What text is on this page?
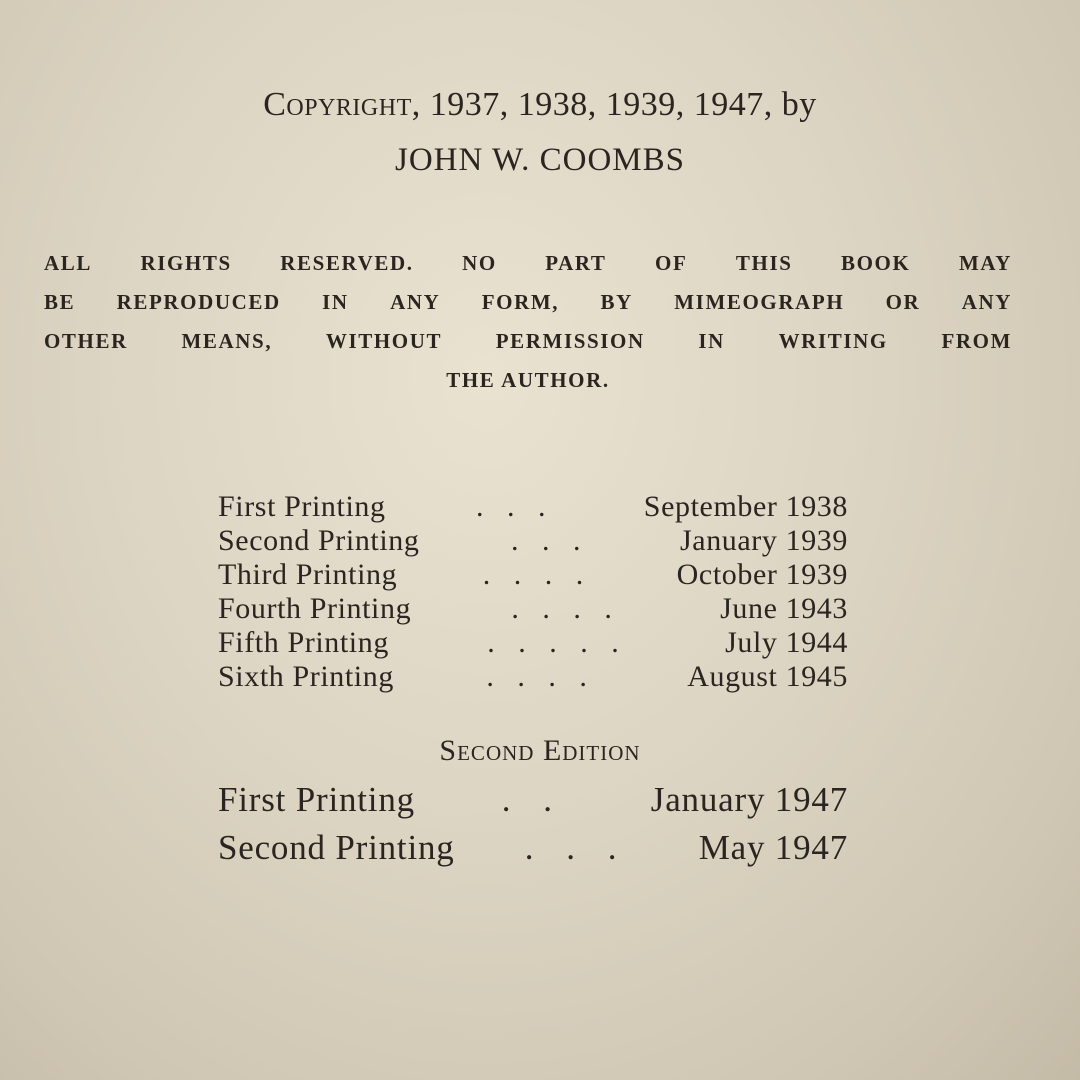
Copyright, 1937, 1938, 1939, 1947, by
JOHN W. COOMBS
ALL RIGHTS RESERVED. NO PART OF THIS BOOK MAY
BE REPRODUCED IN ANY FORM, BY MIMEOGRAPH OR ANY
OTHER	MEANS,	WITHOUT	PERMISSION	IN	WRITING	FROM
THE AUTHOR.
First Printing	. . .	September 1938
Second Printing	. . .	January 1939
Third Printing	. . . .	October 1939
Fourth Printing	. . . .	June 1943
Fifth Printing	. . . . .	July 1944
Sixth Printing	. . . .	August 1945
Second Edition
First Printing	. .	January 1947
Second Printing	. . .	May 1947
